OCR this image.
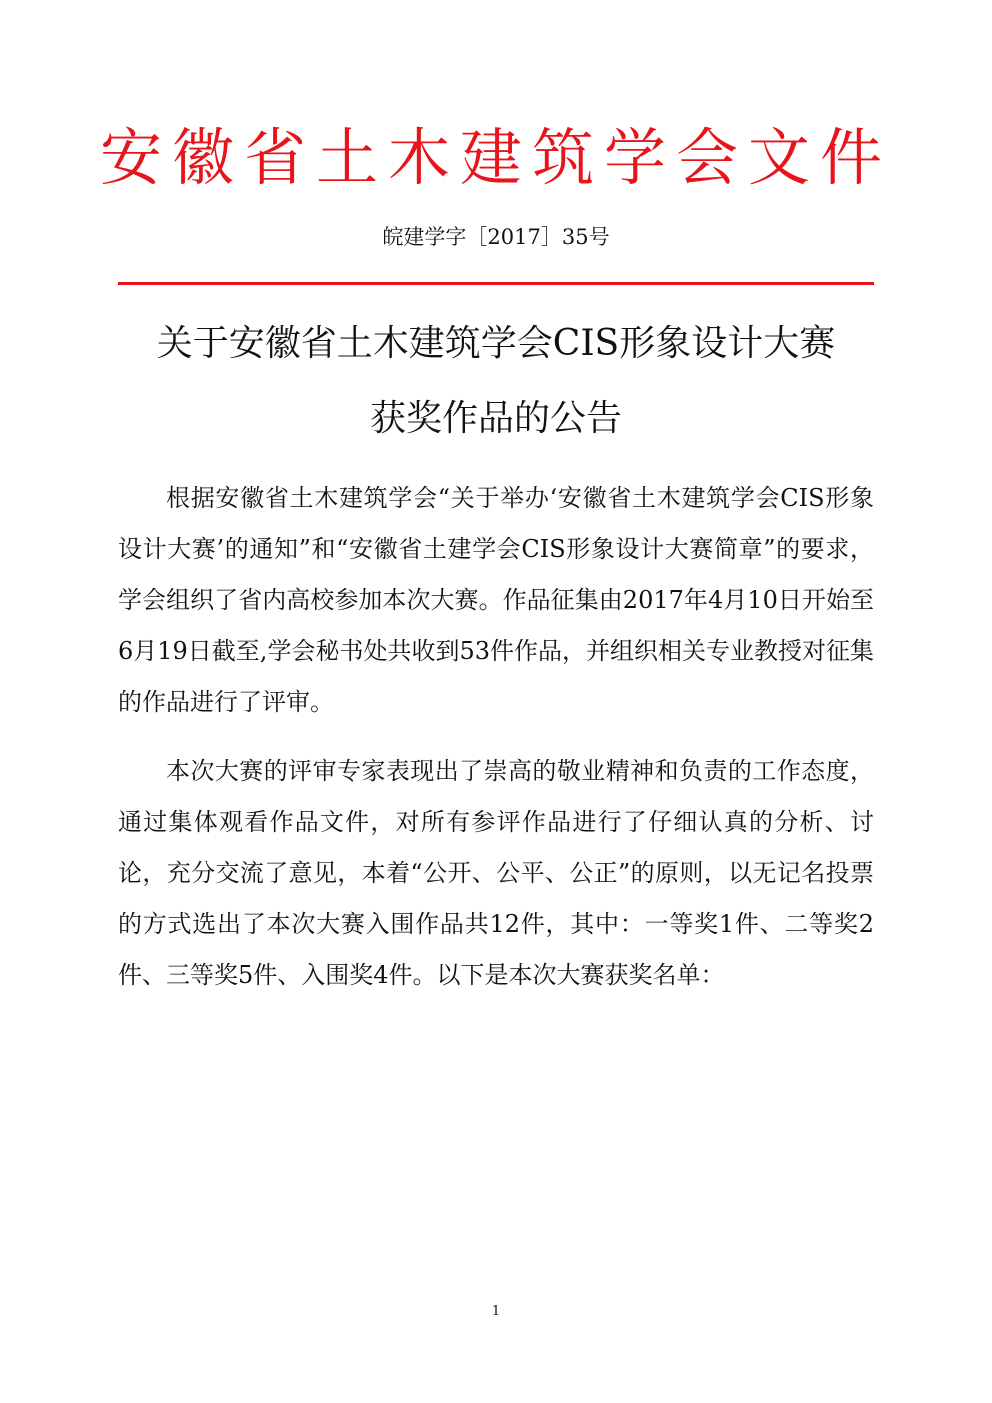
安徽省土木建筑学会文件
皖建学字［2017］35号
关于安徽省土木建筑学会CIS形象设计大赛
获奖作品的公告

根据安徽省土木建筑学会“关于举办‘安徽省土木建筑学会CIS形象设计大赛’的通知”和“安徽省土建学会CIS形象设计大赛简章”的要求，学会组织了省内高校参加本次大赛。作品征集由2017年4月10日开始至6月19日截至,学会秘书处共收到53件作品，并组织相关专业教授对征集的作品进行了评审。

本次大赛的评审专家表现出了崇高的敬业精神和负责的工作态度，通过集体观看作品文件，对所有参评作品进行了仔细认真的分析、讨论，充分交流了意见，本着“公开、公平、公正”的原则，以无记名投票的方式选出了本次大赛入围作品共12件，其中：一等奖1件、二等奖2件、三等奖5件、入围奖4件。以下是本次大赛获奖名单：

1
